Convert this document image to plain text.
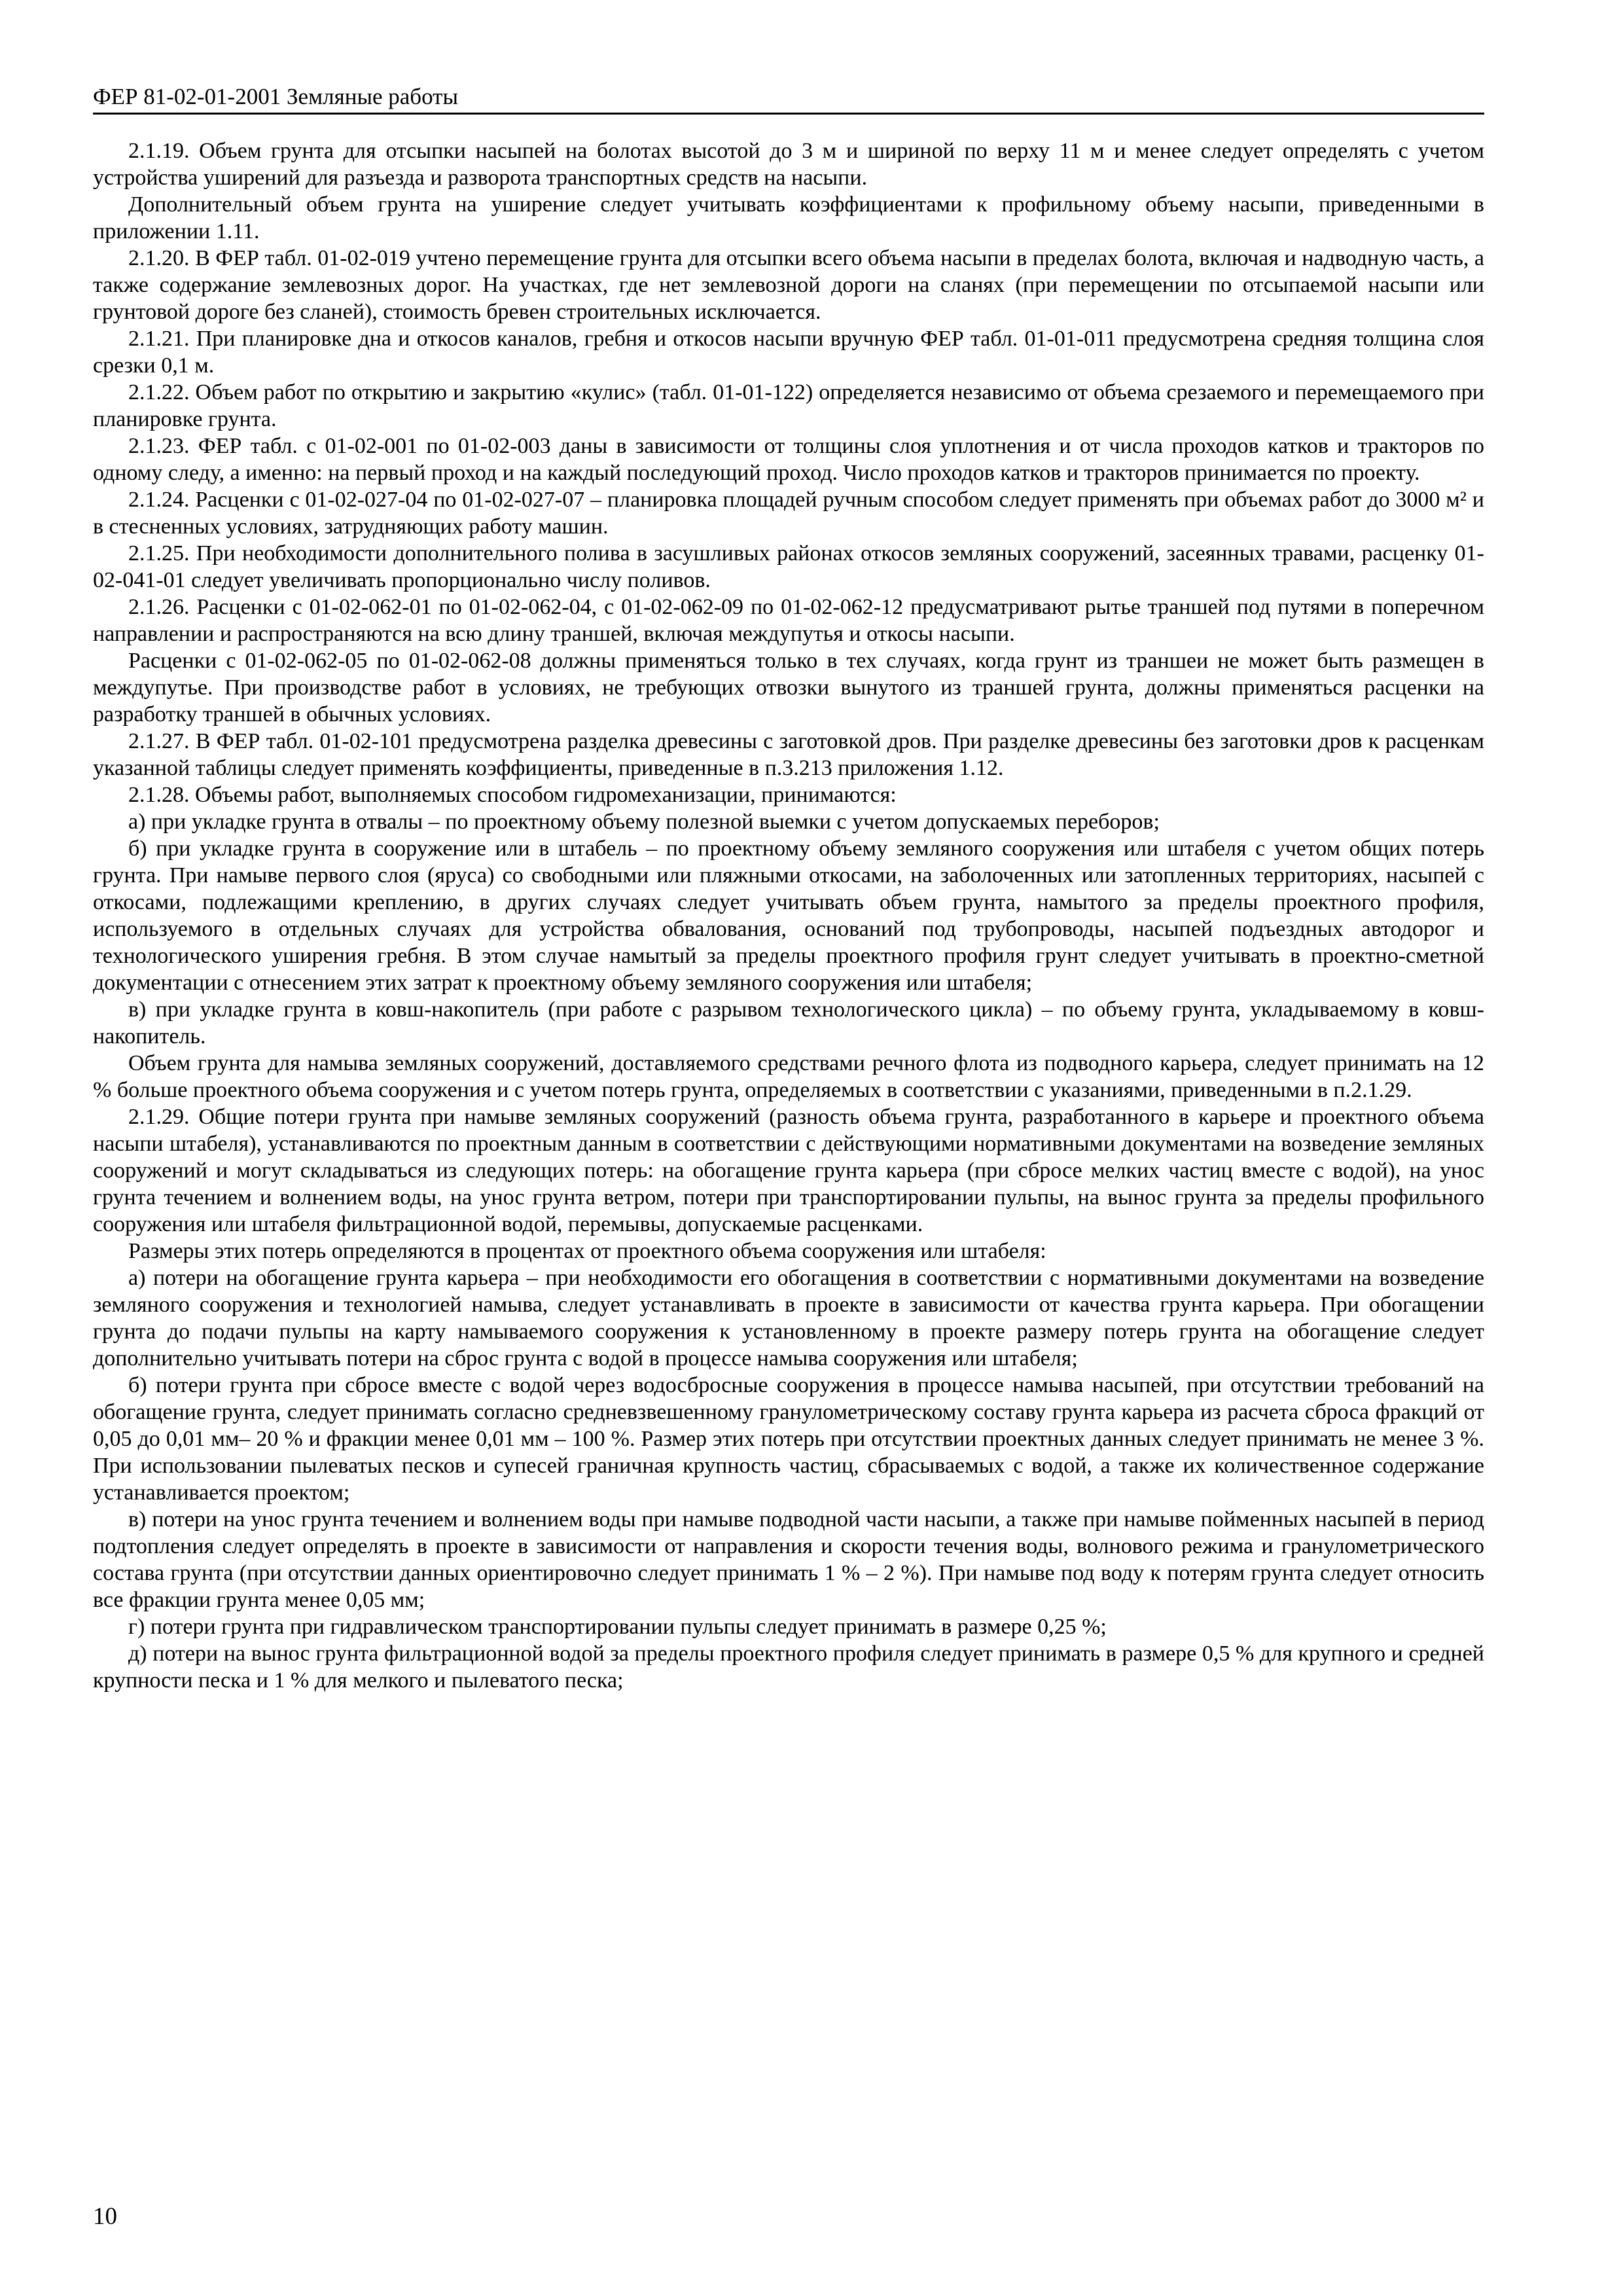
ФЕР 81-02-01-2001 Земляные работы

2.1.19. Объем грунта для отсыпки насыпей на болотах высотой до 3 м и шириной по верху 11 м и менее следует определять с учетом устройства уширений для разъезда и разворота транспортных средств на насыпи.

Дополнительный объем грунта на уширение следует учитывать коэффициентами к профильному объему насыпи, приведенными в приложении 1.11.

2.1.20. В ФЕР табл. 01-02-019 учтено перемещение грунта для отсыпки всего объема насыпи в пределах болота, включая и надводную часть, а также содержание землевозных дорог. На участках, где нет землевозной дороги на сланях (при перемещении по отсыпаемой насыпи или грунтовой дороге без сланей), стоимость бревен строительных исключается.

2.1.21. При планировке дна и откосов каналов, гребня и откосов насыпи вручную ФЕР табл. 01-01-011 предусмотрена средняя толщина слоя срезки 0,1 м.

2.1.22. Объем работ по открытию и закрытию «кулис» (табл. 01-01-122) определяется независимо от объема срезаемого и перемещаемого при планировке грунта.

2.1.23. ФЕР табл. с 01-02-001 по 01-02-003 даны в зависимости от толщины слоя уплотнения и от числа проходов катков и тракторов по одному следу, а именно: на первый проход и на каждый последующий проход. Число проходов катков и тракторов принимается по проекту.

2.1.24. Расценки с 01-02-027-04 по 01-02-027-07 – планировка площадей ручным способом следует применять при объемах работ до 3000 м² и в стесненных условиях, затрудняющих работу машин.

2.1.25. При необходимости дополнительного полива в засушливых районах откосов земляных сооружений, засеянных травами, расценку 01-02-041-01 следует увеличивать пропорционально числу поливов.

2.1.26. Расценки с 01-02-062-01 по 01-02-062-04, с 01-02-062-09 по 01-02-062-12 предусматривают рытье траншей под путями в поперечном направлении и распространяются на всю длину траншей, включая междупутья и откосы насыпи.

Расценки с 01-02-062-05 по 01-02-062-08 должны применяться только в тех случаях, когда грунт из траншеи не может быть размещен в междупутье. При производстве работ в условиях, не требующих отвозки вынутого из траншей грунта, должны применяться расценки на разработку траншей в обычных условиях.

2.1.27. В ФЕР табл. 01-02-101 предусмотрена разделка древесины с заготовкой дров. При разделке древесины без заготовки дров к расценкам указанной таблицы следует применять коэффициенты, приведенные в п.3.213 приложения 1.12.

2.1.28. Объемы работ, выполняемых способом гидромеханизации, принимаются:

а) при укладке грунта в отвалы – по проектному объему полезной выемки с учетом допускаемых переборов;

б) при укладке грунта в сооружение или в штабель – по проектному объему земляного сооружения или штабеля с учетом общих потерь грунта. При намыве первого слоя (яруса) со свободными или пляжными откосами, на заболоченных или затопленных территориях, насыпей с откосами, подлежащими креплению, в других случаях следует учитывать объем грунта, намытого за пределы проектного профиля, используемого в отдельных случаях для устройства обвалования, оснований под трубопроводы, насыпей подъездных автодорог и технологического уширения гребня. В этом случае намытый за пределы проектного профиля грунт следует учитывать в проектно-сметной документации с отнесением этих затрат к проектному объему земляного сооружения или штабеля;

в) при укладке грунта в ковш-накопитель (при работе с разрывом технологического цикла) – по объему грунта, укладываемому в ковш-накопитель.

Объем грунта для намыва земляных сооружений, доставляемого средствами речного флота из подводного карьера, следует принимать на 12 % больше проектного объема сооружения и с учетом потерь грунта, определяемых в соответствии с указаниями, приведенными в п.2.1.29.

2.1.29. Общие потери грунта при намыве земляных сооружений (разность объема грунта, разработанного в карьере и проектного объема насыпи штабеля), устанавливаются по проектным данным в соответствии с действующими нормативными документами на возведение земляных сооружений и могут складываться из следующих потерь: на обогащение грунта карьера (при сбросе мелких частиц вместе с водой), на унос грунта течением и волнением воды, на унос грунта ветром, потери при транспортировании пульпы, на вынос грунта за пределы профильного сооружения или штабеля фильтрационной водой, перемывы, допускаемые расценками.

Размеры этих потерь определяются в процентах от проектного объема сооружения или штабеля:

а) потери на обогащение грунта карьера – при необходимости его обогащения в соответствии с нормативными документами на возведение земляного сооружения и технологией намыва, следует устанавливать в проекте в зависимости от качества грунта карьера. При обогащении грунта до подачи пульпы на карту намываемого сооружения к установленному в проекте размеру потерь грунта на обогащение следует дополнительно учитывать потери на сброс грунта с водой в процессе намыва сооружения или штабеля;

б) потери грунта при сбросе вместе с водой через водосбросные сооружения в процессе намыва насыпей, при отсутствии требований на обогащение грунта, следует принимать согласно средневзвешенному гранулометрическому составу грунта карьера из расчета сброса фракций от 0,05 до 0,01 мм– 20 % и фракции менее 0,01 мм – 100 %. Размер этих потерь при отсутствии проектных данных следует принимать не менее 3 %. При использовании пылеватых песков и супесей граничная крупность частиц, сбрасываемых с водой, а также их количественное содержание устанавливается проектом;

в) потери на унос грунта течением и волнением воды при намыве подводной части насыпи, а также при намыве пойменных насыпей в период подтопления следует определять в проекте в зависимости от направления и скорости течения воды, волнового режима и гранулометрического состава грунта (при отсутствии данных ориентировочно следует принимать 1 % – 2 %). При намыве под воду к потерям грунта следует относить все фракции грунта менее 0,05 мм;

г) потери грунта при гидравлическом транспортировании пульпы следует принимать в размере 0,25 %;

д) потери на вынос грунта фильтрационной водой за пределы проектного профиля следует принимать в размере 0,5 % для крупного и средней крупности песка и 1 % для мелкого и пылеватого песка;

10
